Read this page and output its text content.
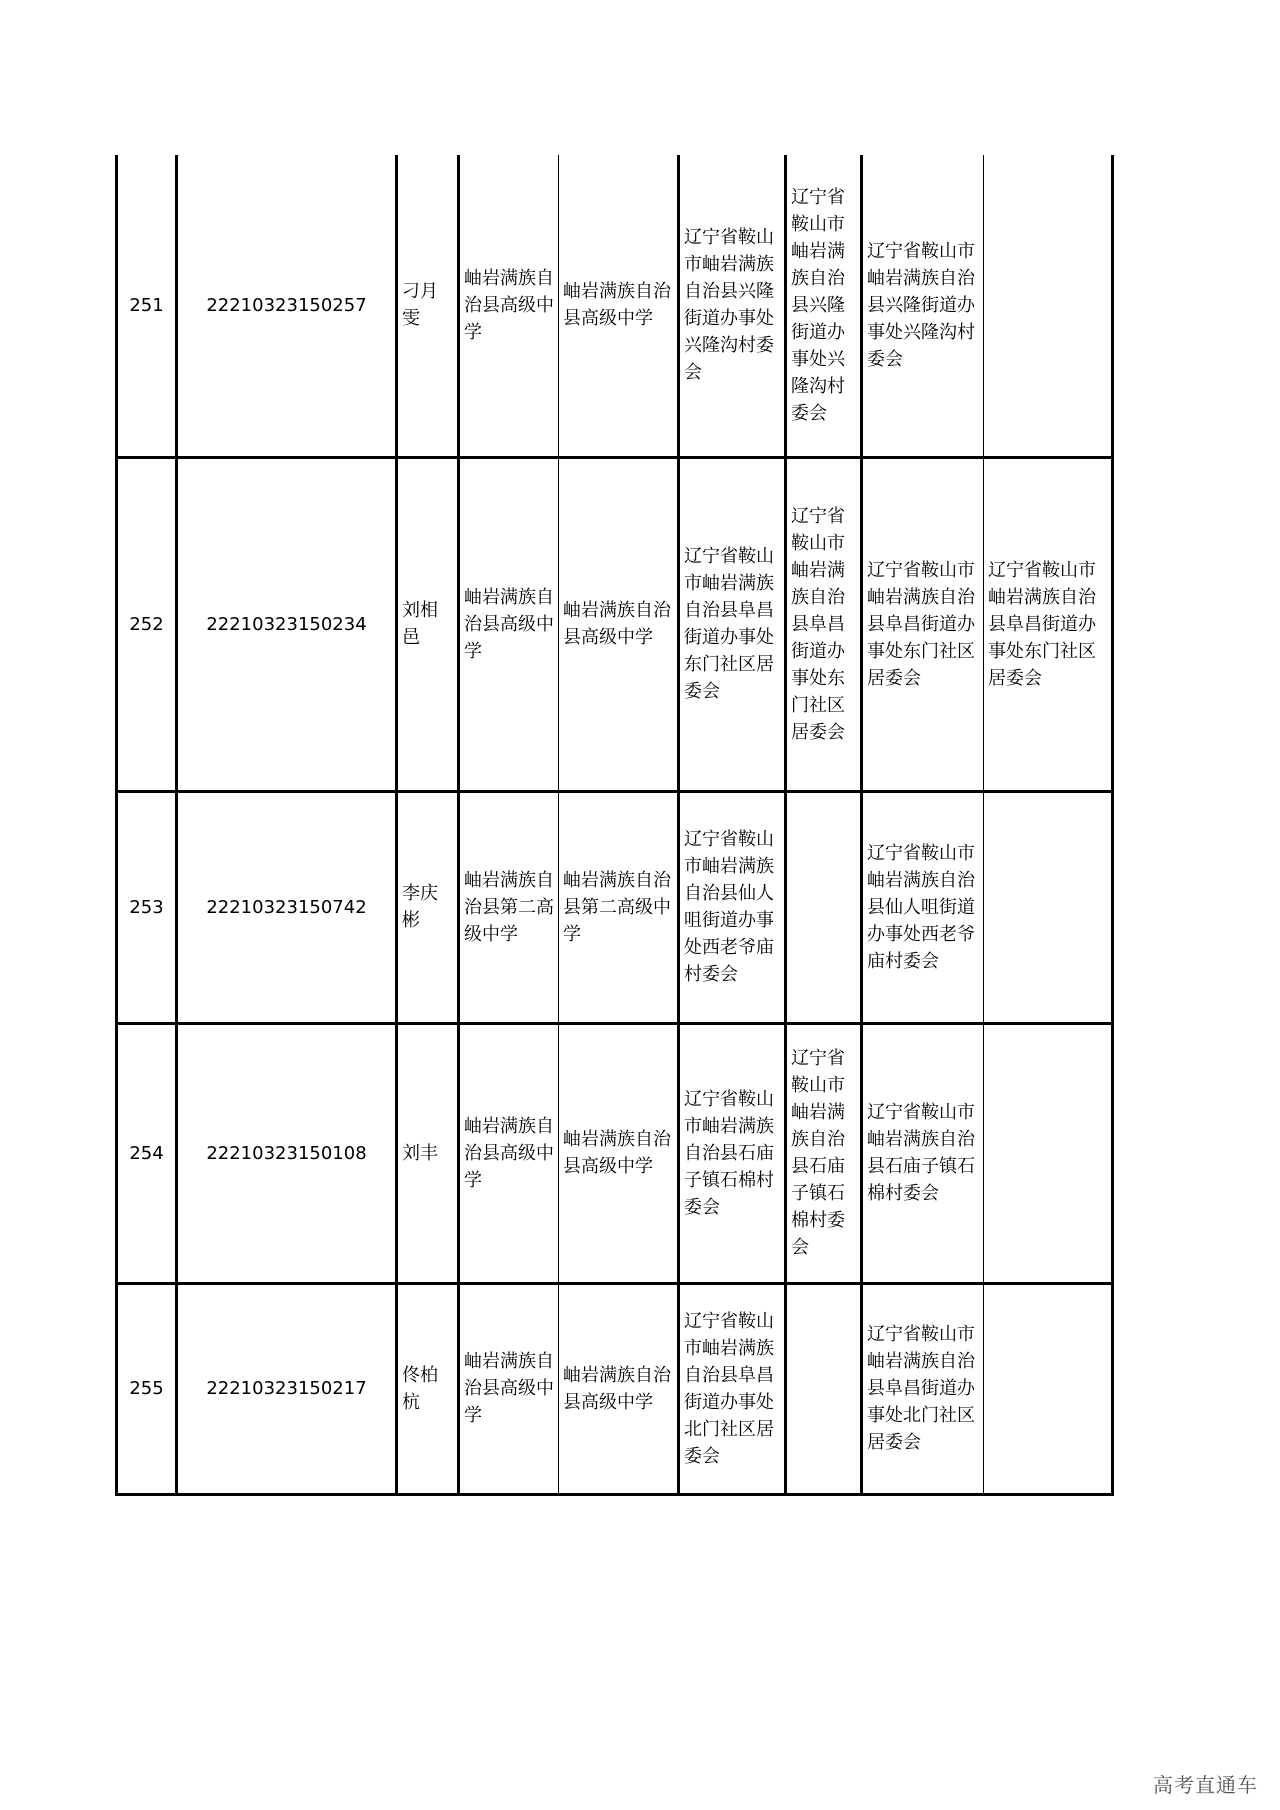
251	22210323150257	刁月雯	岫岩满族自治县高级中学	岫岩满族自治县高级中学	辽宁省鞍山市岫岩满族自治县兴隆街道办事处兴隆沟村委会	辽宁省鞍山市岫岩满族自治县兴隆街道办事处兴隆沟村委会	辽宁省鞍山市岫岩满族自治县兴隆街道办事处兴隆沟村委会	

252	22210323150234	刘相邑	岫岩满族自治县高级中学	岫岩满族自治县高级中学	辽宁省鞍山市岫岩满族自治县阜昌街道办事处东门社区居委会	辽宁省鞍山市岫岩满族自治县阜昌街道办事处东门社区居委会	辽宁省鞍山市岫岩满族自治县阜昌街道办事处东门社区居委会	辽宁省鞍山市岫岩满族自治县阜昌街道办事处东门社区居委会

253	22210323150742	李庆彬	岫岩满族自治县第二高级中学	岫岩满族自治县第二高级中学	辽宁省鞍山市岫岩满族自治县仙人咀街道办事处西老爷庙村委会		辽宁省鞍山市岫岩满族自治县仙人咀街道办事处西老爷庙村委会	

254	22210323150108	刘丰	岫岩满族自治县高级中学	岫岩满族自治县高级中学	辽宁省鞍山市岫岩满族自治县石庙子镇石棉村委会	辽宁省鞍山市岫岩满族自治县石庙子镇石棉村委会	辽宁省鞍山市岫岩满族自治县石庙子镇石棉村委会	

255	22210323150217	佟柏杭	岫岩满族自治县高级中学	岫岩满族自治县高级中学	辽宁省鞍山市岫岩满族自治县阜昌街道办事处北门社区居委会		辽宁省鞍山市岫岩满族自治县阜昌街道办事处北门社区居委会	

高考直通车
